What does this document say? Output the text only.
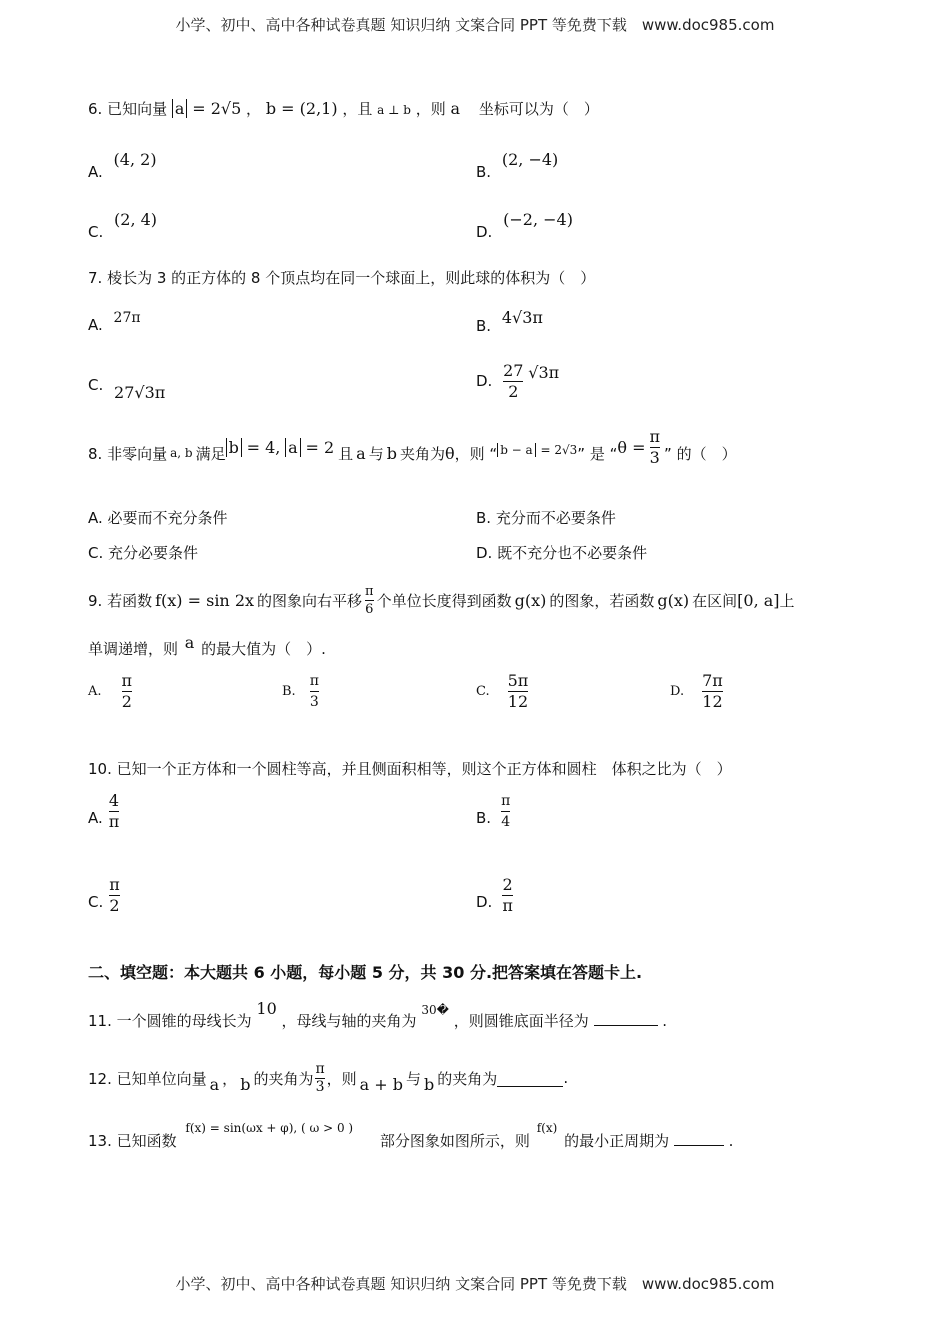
小学、初中、高中各种试卷真题 知识归纳 文案合同 PPT 等免费下载　www.doc985.com
6. 已知向量 a = 2√5 ， b = (2,1) ，且 a ⊥ b ，则 a 坐标可以为（　）
A. (4, 2)
B. (2, −4)
C. (2, 4)
D. (−2, −4)
7. 棱长为 3 的正方体的 8 个顶点均在同一个球面上，则此球的体积为（　）
A. 27π	B. 4√3π
C. 27√3π
D. $\frac{27}{2} √3\pi$
8. 非零向量 a, b 满足 b = 4, a = 2 且 a 与 b 夹角为 θ ，则 “ b − a = 2√3 ” 是 “ $\theta = \frac{\pi}{3}$ ” 的（　）
A. 必要而不充分条件	B. 充分而不必要条件
C. 充分必要条件	D. 既不充分也不必要条件
9. 若函数 f(x) = sin 2x 的图象向右平移 $\frac{\pi}{6}$ 个单位长度得到函数 g(x) 的图象，若函数 g(x) 在区间 [0, a] 上
单调递增，则 a 的最大值为（　）.
A. $\frac{\pi}{2}$	B. $\frac{\pi}{3}$	C. $\frac{5\pi}{12}$	D. $\frac{7\pi}{12}$
10. 已知一个正方体和一个圆柱等高，并且侧面积相等，则这个正方体和圆柱　体积之比为（　）
A. $\frac{4}{\pi}$	B. $\frac{\pi}{4}$
C. $\frac{\pi}{2}$	D. $\frac{2}{\pi}$
二、填空题：本大题共 6 小题，每小题 5 分，共 30 分.把答案填在答题卡上.
11. 一个圆锥的母线长为 10 ，母线与轴的夹角为 $^{30�}$ ，则圆锥底面半径为	.
12. 已知单位向量 a ， b 的夹角为 $\frac{\pi}{3}$ ，则 a + b 与 b 的夹角为	.
13. 已知函数 $^{f(x) = sin(\omega x + \varphi), ( \omega > 0 )}$ 部分图象如图所示，则 $^{f(x)}$ 的最小正周期为	.
小学、初中、高中各种试卷真题 知识归纳 文案合同 PPT 等免费下载　www.doc985.com
